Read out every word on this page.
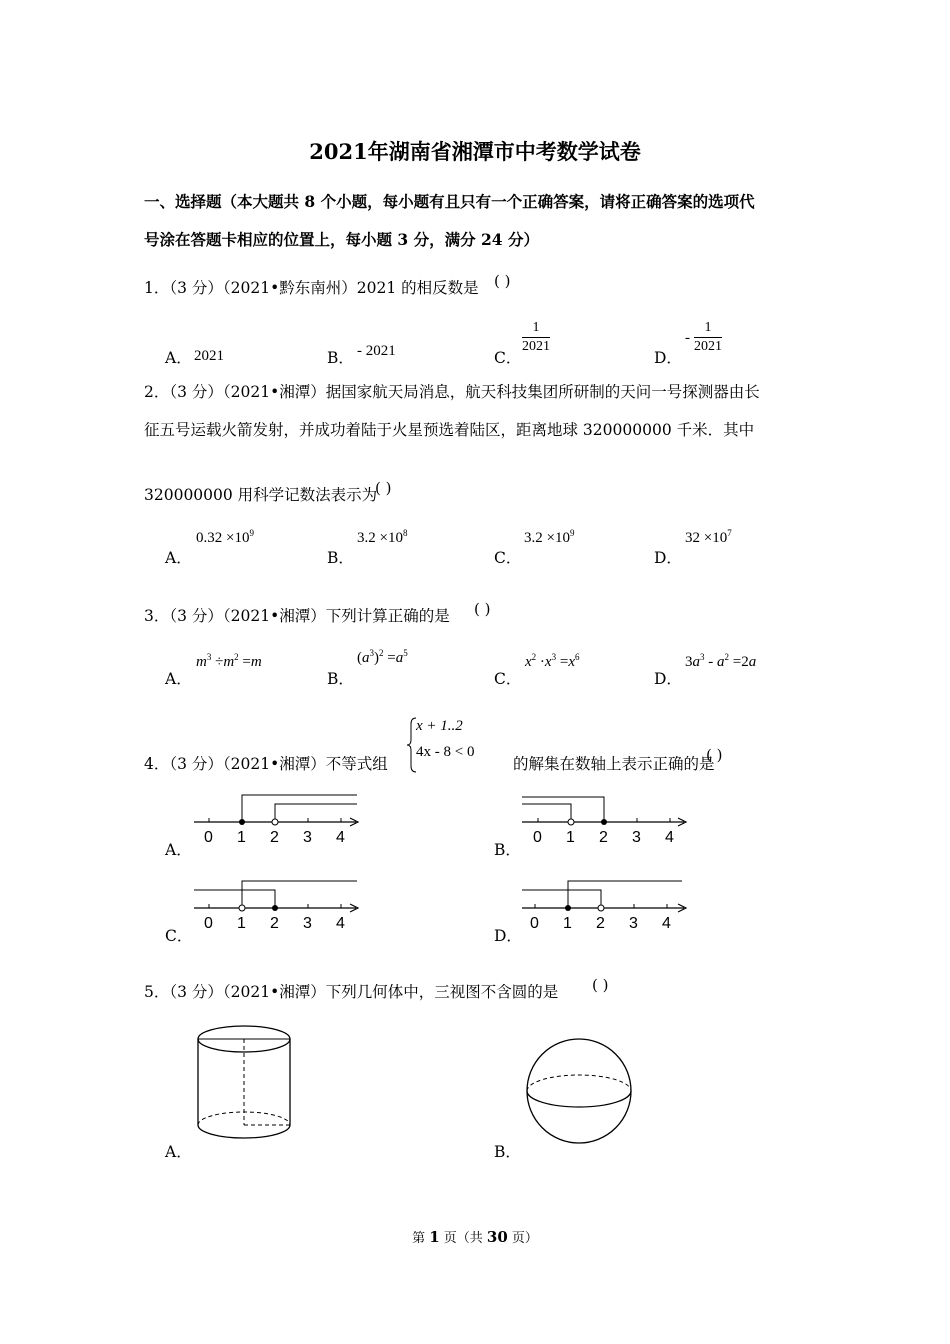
2021年湖南省湘潭市中考数学试卷
一、选择题（本大题共 8 个小题，每小题有且只有一个正确答案，请将正确答案的选项代
号涂在答题卡相应的位置上，每小题 3 分，满分 24 分）
1．（3 分）（2021•黔东南州）2021 的相反数是 ( )
A． 2021	B． - 2021	C．
$\frac{1}{2021}$
D．
- $\frac{1}{2021}$
2．（3 分）（2021•湘潭）据国家航天局消息，航天科技集团所研制的天问一号探测器由长
征五号运载火箭发射，并成功着陆于火星预选着陆区，距离地球 320000000 千米．其中
320000000 用科学记数法表示为
( )
A．
$0.32 \times 10^9$
B．
$3.2 \times 10^8$
C．
$3.2 \times 10^9$
D．
$32 \times 10^7$
3．（3 分）（2021•湘潭）下列计算正确的是 ( )
A．
$m^3 \div m^2 =m$
B．
$(a^3)^2 =a^5$
C．
$x^2 \cdot x^3 =x^6$
D．
$3a^3 - a^2 =2a$
4．（3 分）（2021•湘潭）不等式组
x + 1..2
4x - 8 < 0
的解集在数轴上表示正确的是
( )
A．
0 1 2 3 4
B．
0 1 2 3 4
C．
0 1 2 3 4
D．
0 1 2 3 4
5．（3 分）（2021•湘潭）下列几何体中，三视图不含圆的是 ( )
A．	B．
第 1 页（共 30 页）
